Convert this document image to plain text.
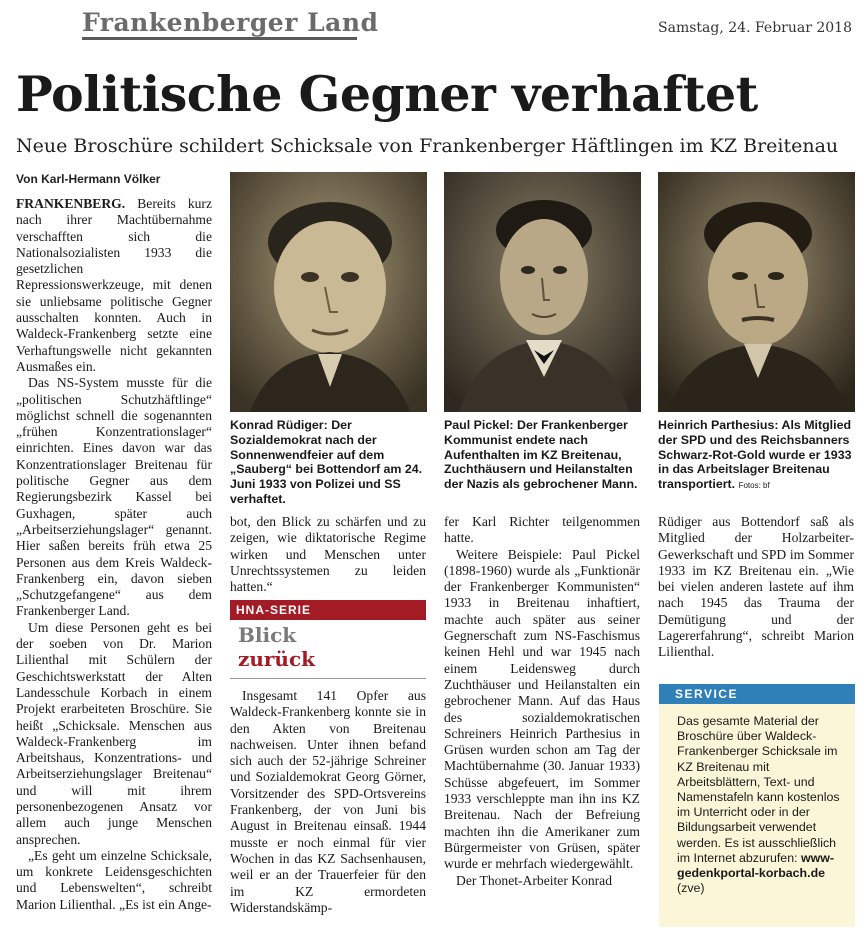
Frankenberger Land	Samstag, 24. Februar 2018
Politische Gegner verhaftet
Neue Broschüre schildert Schicksale von Frankenberger Häftlingen im KZ Breitenau
Von Karl-Hermann Völker

FRANKENBERG. Bereits kurz nach ihrer Machtübernahme verschafften sich die Nationalsozialisten 1933 die gesetzlichen Repressionswerkzeuge, mit denen sie unliebsame politische Gegner ausschalten konnten. Auch in Waldeck-Frankenberg setzte eine Verhaftungswelle nicht gekannten Ausmaßes ein.

Das NS-System musste für die „politischen Schutzhäftlinge“ möglichst schnell die sogenannten „frühen Konzentrationslager“ einrichten. Eines davon war das Konzentrationslager Breitenau für politische Gegner aus dem Regierungsbezirk Kassel bei Guxhagen, später auch „Arbeitserziehungslager“ genannt. Hier saßen bereits früh etwa 25 Personen aus dem Kreis Waldeck-Frankenberg ein, davon sieben „Schutzgefangene“ aus dem Frankenberger Land.

Um diese Personen geht es bei der soeben von Dr. Marion Lilienthal mit Schülern der Geschichtswerkstatt der Alten Landesschule Korbach in einem Projekt erarbeiteten Broschüre. Sie heißt „Schicksale. Menschen aus Waldeck-Frankenberg im Arbeitshaus, Konzentrations- und Arbeitserziehungslager Breitenau“ und will mit ihrem personenbezogenen Ansatz vor allem auch junge Menschen ansprechen.

„Es geht um einzelne Schicksale, um konkrete Leidensgeschichten und Lebenswelten“, schreibt Marion Lilienthal. „Es ist ein Ange-

Konrad Rüdiger: Der Sozialdemokrat nach der Sonnenwendfeier auf dem „Sauberg“ bei Bottendorf am 24. Juni 1933 von Polizei und SS verhaftet.
Paul Pickel: Der Frankenberger Kommunist endete nach Aufenthalten im KZ Breitenau, Zuchthäusern und Heilanstalten der Nazis als gebrochener Mann.
Heinrich Parthesius: Als Mitglied der SPD und des Reichsbanners Schwarz-Rot-Gold wurde er 1933 in das Arbeitslager Breitenau transportiert. Fotos: bf

bot, den Blick zu schärfen und zu zeigen, wie diktatorische Regime wirken und Menschen unter Unrechtssystemen zu leiden hatten.“

HNA-SERIE
Blick
zurück

Insgesamt 141 Opfer aus Waldeck-Frankenberg konnte sie in den Akten von Breitenau nachweisen. Unter ihnen befand sich auch der 52-jährige Schreiner und Sozialdemokrat Georg Görner, Vorsitzender des SPD-Ortsvereins Frankenberg, der von Juni bis August in Breitenau einsaß. 1944 musste er noch einmal für vier Wochen in das KZ Sachsenhausen, weil er an der Trauerfeier für den im KZ ermordeten Widerstandskämp-

fer Karl Richter teilgenommen hatte.

Weitere Beispiele: Paul Pickel (1898-1960) wurde als „Funktionär der Frankenberger Kommunisten“ 1933 in Breitenau inhaftiert, machte auch später aus seiner Gegnerschaft zum NS-Faschismus keinen Hehl und war 1945 nach einem Leidensweg durch Zuchthäuser und Heilanstalten ein gebrochener Mann. Auf das Haus des sozialdemokratischen Schreiners Heinrich Parthesius in Grüsen wurden schon am Tag der Machtübernahme (30. Januar 1933) Schüsse abgefeuert, im Sommer 1933 verschleppte man ihn ins KZ Breitenau. Nach der Befreiung machten ihn die Amerikaner zum Bürgermeister von Grüsen, später wurde er mehrfach wiedergewählt.

Der Thonet-Arbeiter Konrad

Rüdiger aus Bottendorf saß als Mitglied der Holzarbeiter-Gewerkschaft und SPD im Sommer 1933 im KZ Breitenau ein. „Wie bei vielen anderen lastete auf ihm nach 1945 das Trauma der Demütigung und der Lagererfahrung“, schreibt Marion Lilienthal.

SERVICE
Das gesamte Material der Broschüre über Waldeck-Frankenberger Schicksale im KZ Breitenau mit Arbeitsblättern, Text- und Namenstafeln kann kostenlos im Unterricht oder in der Bildungsarbeit verwendet werden. Es ist ausschließlich im Internet abzurufen: www-gedenkportal-korbach.de (zve)
